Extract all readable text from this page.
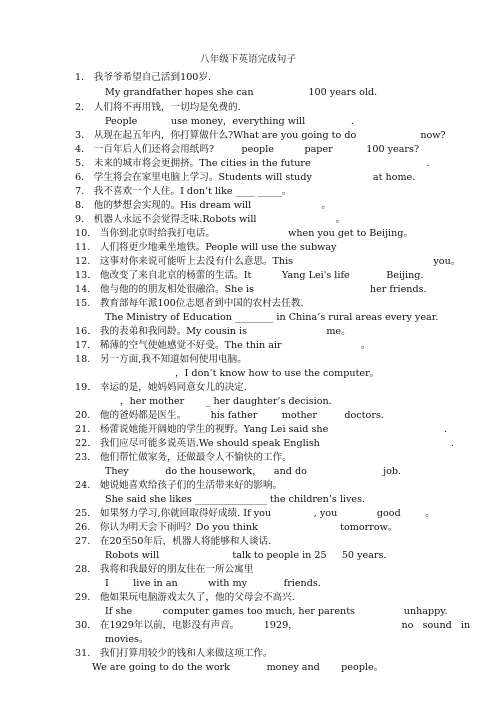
八年级下英语完成句子
1.　我爷爷希望自己活到100岁.
My grandfather hopes she can                  100 years old.
2.　人们将不再用钱，一切均是免费的.
People           use money，everything will               .
3.　从现在起五年内，你打算做什么?What are you going to do                     now?
4.　一百年后人们还将会用纸吗?         people          paper           100 years?
5.　未来的城市将会更拥挤。The cities in the future                                      .
6.　学生将会在家里电脑上学习。Students will study                    at home.
7.　我不喜欢一个人住。I don’t like ____ _____。
8.　他的梦想会实现的。His dream will                       。
9.　机器人永远不会觉得乏味.Robots will                          。
10.　当你到北京时给我打电话。                        when you get to Beijing。
11.　人们将更少地乘坐地铁。People will use the subway
12.　这事对你来说可能听上去没有什么意思。This                                              you。
13.　他改变了来自北京的杨蕾的生活。It          Yang Lei's life            Beijing.
14.　他与他的的朋友相处很融洽。She is                                      her friends.
15.　教育部每年派100位志愿者到中国的农村去任教.
The Ministry of Education ________ in China’s rural areas every year.
16.　我的表弟和我同龄。My cousin is                          me。
17.　稀薄的空气使她感觉不好受。The thin air                          。
18.　另一方面,我不知道如何使用电脑。
，I don’t know how to use the computer。
19.　幸运的是，她妈妈同意女儿的决定.
，her mother       _ her daughter’s decision.
20.　他的爸妈都是医生。        his father        mother         doctors.
21.　杨蕾说她能开阔她的学生的视野。Yang Lei said she                                      .
22.　我们应尽可能多说英语.We should speak English                                           .
23.　他们帮忙做家务，还做最令人不愉快的工作。
They            do the housework，    and do                         job.
24.　她说她喜欢给孩子们的生活带来好的影响。
She said she likes _______________ the children’s lives.
25.　如果努力学习,你就回取得好成绩. If you              , you             good        。
26.　你认为明天会下雨吗？Do you think                           tomorrow。
27.　在20至50年后，机器人将能够和人谈话.
Robots will                        talk to people in 25     50 years.
28.　我将和我最好的朋友住在一所公寓里
I        live in an          with my            friends.
29.　他如果玩电脑游戏太久了，他的父母会不高兴.
If she          computer games too much, her parents                unhappy.
30.　在1929年以前，电影没有声音。        1929，                                  no   sound   in
movies。
31.　我们打算用较少的钱和人来做这项工作。
We are going to do the work            money and       people。
